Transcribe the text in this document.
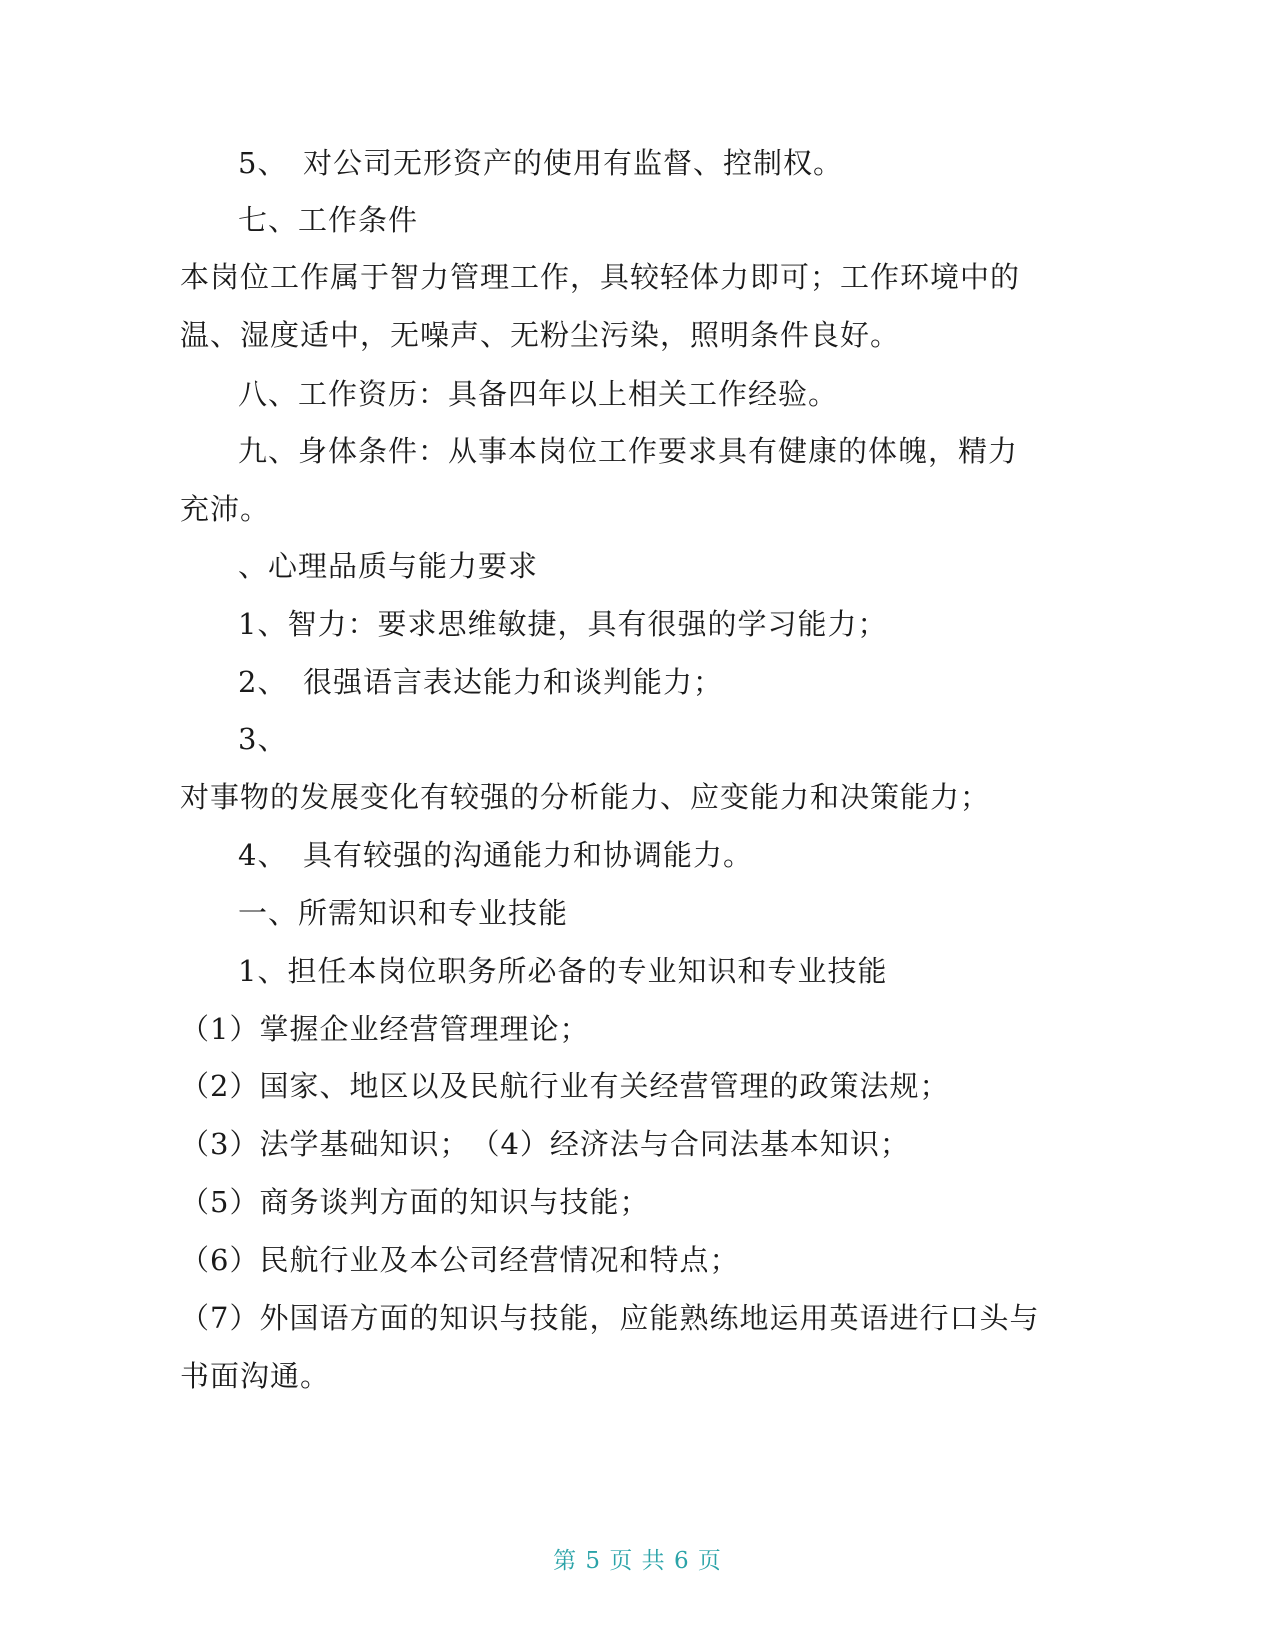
5、　对公司无形资产的使用有监督、控制权。
七、工作条件
本岗位工作属于智力管理工作，具较轻体力即可；工作环境中的
温、湿度适中，无噪声、无粉尘污染，照明条件良好。
八、工作资历：具备四年以上相关工作经验。
九、身体条件：从事本岗位工作要求具有健康的体魄，精力
充沛。
、心理品质与能力要求
1、智力：要求思维敏捷，具有很强的学习能力；
2、　很强语言表达能力和谈判能力；
3、
对事物的发展变化有较强的分析能力、应变能力和决策能力；
4、　具有较强的沟通能力和协调能力。
一、所需知识和专业技能
1、担任本岗位职务所必备的专业知识和专业技能
（1）掌握企业经营管理理论；
（2）国家、地区以及民航行业有关经营管理的政策法规；
（3）法学基础知识；　（4）经济法与合同法基本知识；
（5）商务谈判方面的知识与技能；
（6）民航行业及本公司经营情况和特点；
（7）外国语方面的知识与技能，应能熟练地运用英语进行口头与
书面沟通。
第 5 页 共 6 页
